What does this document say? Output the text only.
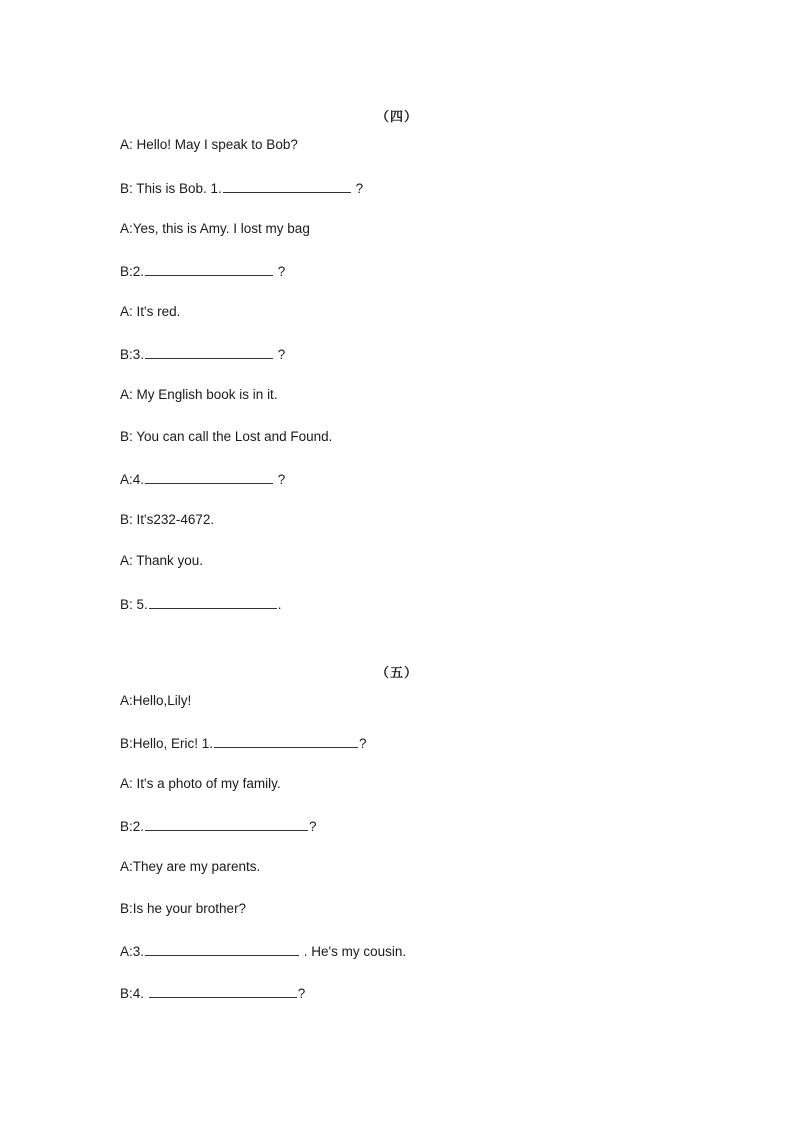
（四）
A: Hello! May I speak to Bob?
B: This is Bob. 1.	?
A:Yes, this is Amy. I lost my bag
B:2.	?
A: It's red.
B:3.	?
A: My English book is in it.
B: You can call the Lost and Found.
A:4.	?
B: It's232-4672.
A: Thank you.
B: 5.	.
（五）
A:Hello,Lily!
B:Hello, Eric! 1.	?
A: It's a photo of my family.
B:2.	?
A:They are my parents.
B:Is he your brother?
A:3.	. He's my cousin.
B:4.	?
